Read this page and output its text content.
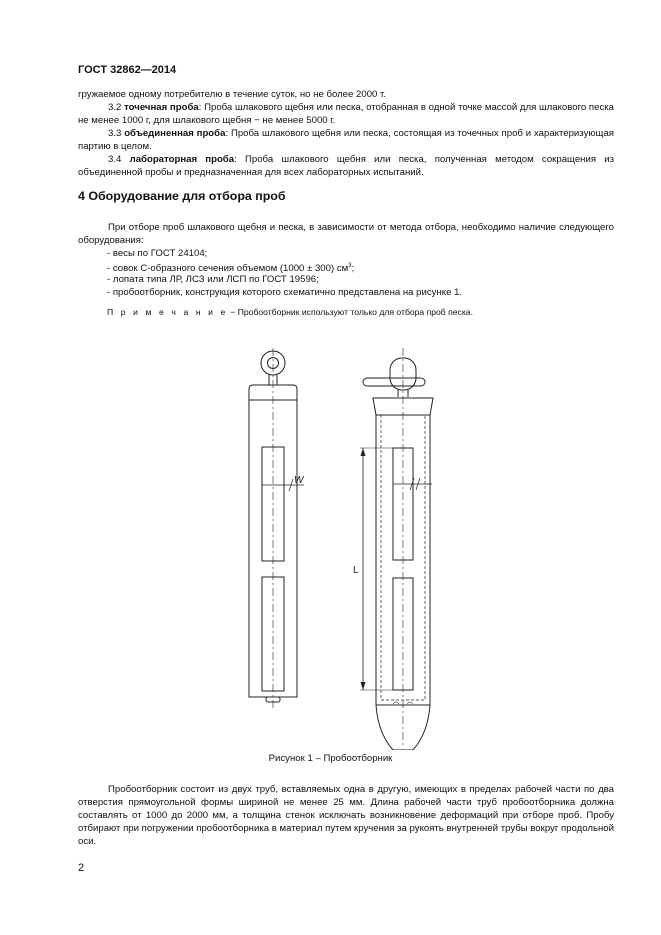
ГОСТ 32862—2014
гружаемое одному потребителю в течение суток, но не более 2000 т.
3.2 точечная проба: Проба шлакового щебня или песка, отобранная в одной точке массой для шлакового песка не менее 1000 г, для шлакового щебня − не менее 5000 г.
3.3 объединенная проба: Проба шлакового щебня или песка, состоящая из точечных проб и характеризующая партию в целом.
3.4 лабораторная проба: Проба шлакового щебня или песка, полученная методом сокращения из объединенной пробы и предназначенная для всех лабораторных испытаний.
4 Оборудование для отбора проб
При отборе проб шлакового щебня и песка, в зависимости от метода отбора, необходимо наличие следующего оборудования:
- весы по ГОСТ 24104;
- совок С-образного сечения объемом (1000 ± 300) $см^3$;
- лопата типа ЛР, ЛСЗ или ЛСП по ГОСТ 19596;
- пробоотборник, конструкция которого схематично представлена на рисунке 1.
П р и м е ч а н и е − Пробоотборник используют только для отбора проб песка.
W
L
Рисунок 1 – Пробоотборник
Пробоотборник состоит из двух труб, вставляемых одна в другую, имеющих в пределах рабочей части по два отверстия прямоугольной формы шириной не менее 25 мм. Длина рабочей части труб пробоотборника должна составлять от 1000 до 2000 мм, а толщина стенок исключать возникновение деформаций при отборе проб. Пробу отбирают при погружении пробоотборника в материал путем кручения за рукоять внутренней трубы вокруг продольной оси.
2
